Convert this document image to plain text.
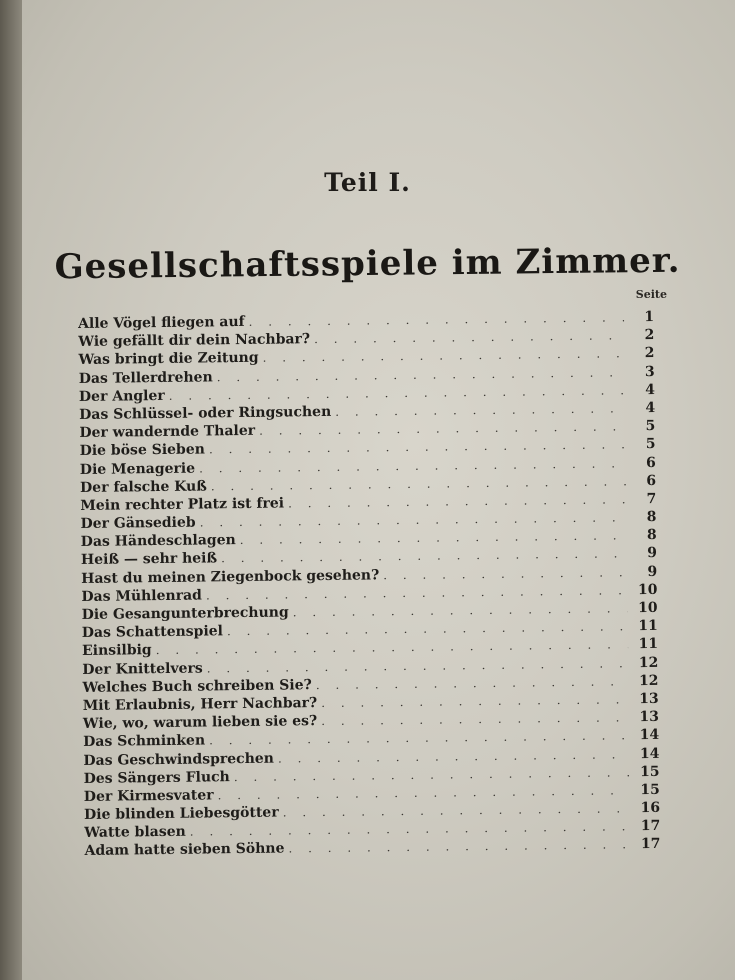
Teil I.
Gesellschaftsspiele im Zimmer.
Seite
Alle Vögel fliegen auf . . .	1
Wie gefällt dir dein Nachbar? . . .	2
Was bringt die Zeitung . . .	2
Das Tellerdrehen . . .	3
Der Angler . . .	4
Das Schlüssel- oder Ringsuchen . . .	4
Der wandernde Thaler . . .	5
Die böse Sieben . . .	5
Die Menagerie . . .	6
Der falsche Kuß . . .	6
Mein rechter Platz ist frei . . .	7
Der Gänsedieb . . .	8
Das Händeschlagen . . .	8
Heiß — sehr heiß . . .	9
Hast du meinen Ziegenbock gesehen? . . .	9
Das Mühlenrad . . .	10
Die Gesangunterbrechung . . .	10
Das Schattenspiel . . .	11
Einsilbig . . .	11
Der Knittelvers . . .	12
Welches Buch schreiben Sie? . . .	12
Mit Erlaubnis, Herr Nachbar? . . .	13
Wie, wo, warum lieben sie es? . . .	13
Das Schminken . . .	14
Das Geschwindsprechen . . .	14
Des Sängers Fluch . . .	15
Der Kirmesvater . . .	15
Die blinden Liebesgötter . . .	16
Watte blasen . . .	17
Adam hatte sieben Söhne . . .	17
